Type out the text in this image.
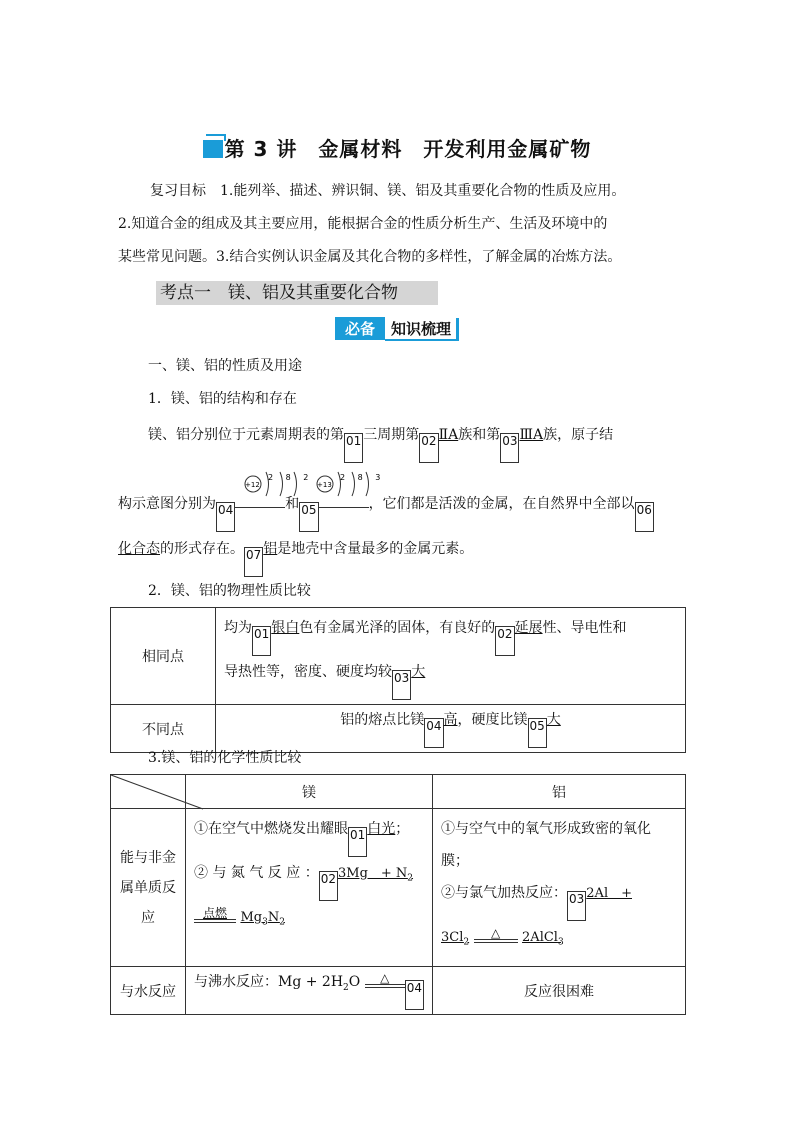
第 3 讲　金属材料　开发利用金属矿物

复习目标　 1.能列举、描述、辨识铜、镁、铝及其重要化合物的性质及应用。

2.知道合金的组成及其主要应用，能根据合金的性质分析生产、生活及环境中的

某些常见问题。3.结合实例认识金属及其化合物的多样性，了解金属的冶炼方法。

考点一　镁、铝及其重要化合物
必备 知识梳理
一、镁、铝的性质及用途
1．镁、铝的结构和存在
镁、铝分别位于元素周期表的第 01 三周期第 02 ⅡA族和第 03 ⅢA族，原子结
构示意图分别为 04	和 05	，它们都是活泼的金属，在自然界中全部以 06
+12
2 8 2
+13
2 8 3
化合态的形式存在。 07 铝是地壳中含量最多的金属元素。
2．镁、铝的物理性质比较
相同点	均为 01 银白色有金属光泽的固体，有良好的 02 延展性、导电性和
导热性等，密度、硬度均较 03 大
不同点	铝的熔点比镁 04 高，硬度比镁 05 大
3.镁、铝的化学性质比较
	镁	铝
能与非金属单质反应	①在空气中燃烧发出耀眼 01 白光；
② 与 氮 气 反 应 ： 02 3Mg　+ $N_2$
点燃 $Mg_3N_2$	①与空气中的氧气形成致密的氧化膜；
②与氯气加热反应： 03 2Al　+
$3Cl_2$ △ 2AlCl$_3$
与水反应	与沸水反应：$Mg + 2H_2O$ △04	反应很困难
